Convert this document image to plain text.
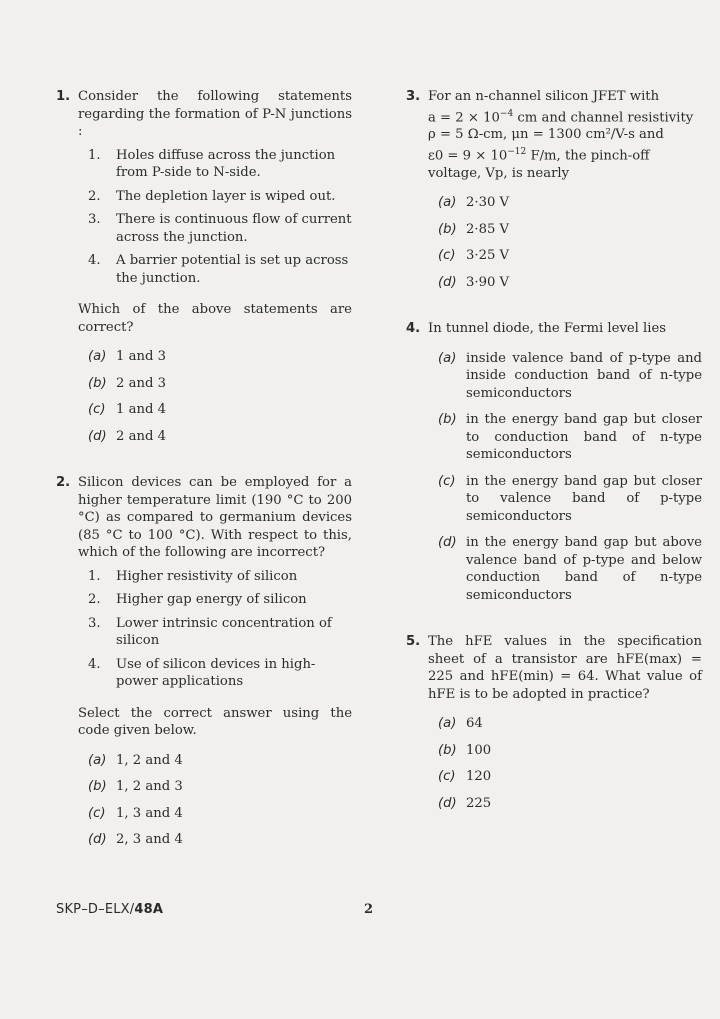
1. Consider the following statements regarding the formation of P-N junctions :
1. Holes diffuse across the junction from P-side to N-side.
2. The depletion layer is wiped out.
3. There is continuous flow of current across the junction.
4. A barrier potential is set up across the junction.
Which of the above statements are correct?
(a) 1 and 3
(b) 2 and 3
(c) 1 and 4
(d) 2 and 4
2. Silicon devices can be employed for a higher temperature limit (190 °C to 200 °C) as compared to germanium devices (85 °C to 100 °C). With respect to this, which of the following are incorrect?
1. Higher resistivity of silicon
2. Higher gap energy of silicon
3. Lower intrinsic concentration of silicon
4. Use of silicon devices in high-power applications
Select the correct answer using the code given below.
(a) 1, 2 and 4
(b) 1, 2 and 3
(c) 1, 3 and 4
(d) 2, 3 and 4
3. For an n-channel silicon JFET with
$a = 2 \times 10^{-4}$ cm and channel resistivity
ρ = 5 Ω-cm, μn = 1300 cm²/V-s and
$\varepsilon 0 = 9 \times 10^{-12}$ F/m, the pinch-off
voltage, Vp, is nearly
(a) 2·30 V
(b) 2·85 V
(c) 3·25 V
(d) 3·90 V
4. In tunnel diode, the Fermi level lies
(a) inside valence band of p-type and inside conduction band of n-type semiconductors
(b) in the energy band gap but closer to conduction band of n-type semiconductors
(c) in the energy band gap but closer to valence band of p-type semiconductors
(d) in the energy band gap but above valence band of p-type and below conduction band of n-type semiconductors
5. The hFE values in the specification sheet of a transistor are hFE(max) = 225 and hFE(min) = 64. What value of hFE is to be adopted in practice?
(a) 64
(b) 100
(c) 120
(d) 225
SKP–D–ELX/48A	2
